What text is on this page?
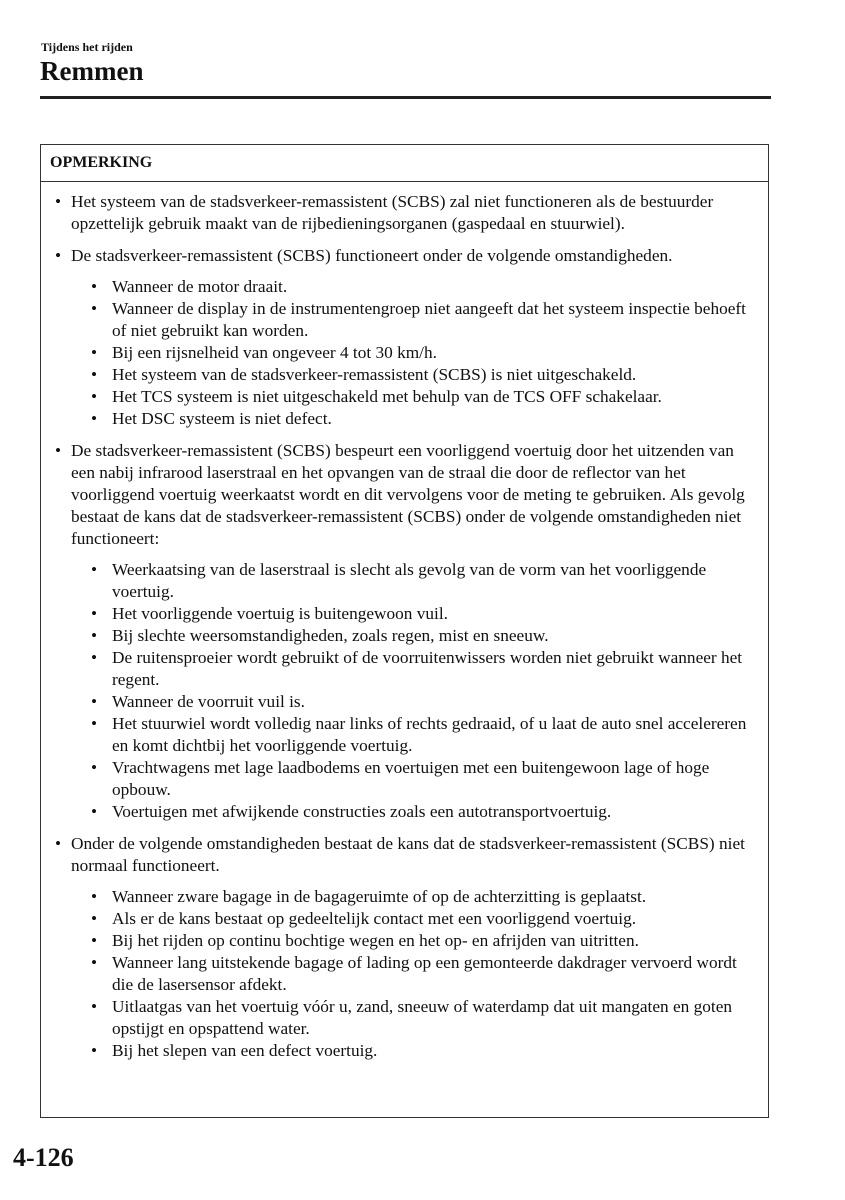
Tijdens het rijden
Remmen
OPMERKING
• Het systeem van de stadsverkeer-remassistent (SCBS) zal niet functioneren als de bestuurder opzettelijk gebruik maakt van de rijbedieningsorganen (gaspedaal en stuurwiel).
• De stadsverkeer-remassistent (SCBS) functioneert onder de volgende omstandigheden.
• Wanneer de motor draait.
• Wanneer de display in de instrumentengroep niet aangeeft dat het systeem inspectie behoeft of niet gebruikt kan worden.
• Bij een rijsnelheid van ongeveer 4 tot 30 km/h.
• Het systeem van de stadsverkeer-remassistent (SCBS) is niet uitgeschakeld.
• Het TCS systeem is niet uitgeschakeld met behulp van de TCS OFF schakelaar.
• Het DSC systeem is niet defect.
• De stadsverkeer-remassistent (SCBS) bespeurt een voorliggend voertuig door het uitzenden van een nabij infrarood laserstraal en het opvangen van de straal die door de reflector van het voorliggend voertuig weerkaatst wordt en dit vervolgens voor de meting te gebruiken. Als gevolg bestaat de kans dat de stadsverkeer-remassistent (SCBS) onder de volgende omstandigheden niet functioneert:
• Weerkaatsing van de laserstraal is slecht als gevolg van de vorm van het voorliggende voertuig.
• Het voorliggende voertuig is buitengewoon vuil.
• Bij slechte weersomstandigheden, zoals regen, mist en sneeuw.
• De ruitensproeier wordt gebruikt of de voorruitenwissers worden niet gebruikt wanneer het regent.
• Wanneer de voorruit vuil is.
• Het stuurwiel wordt volledig naar links of rechts gedraaid, of u laat de auto snel accelereren en komt dichtbij het voorliggende voertuig.
• Vrachtwagens met lage laadbodems en voertuigen met een buitengewoon lage of hoge opbouw.
• Voertuigen met afwijkende constructies zoals een autotransportvoertuig.
• Onder de volgende omstandigheden bestaat de kans dat de stadsverkeer-remassistent (SCBS) niet normaal functioneert.
• Wanneer zware bagage in de bagageruimte of op de achterzitting is geplaatst.
• Als er de kans bestaat op gedeeltelijk contact met een voorliggend voertuig.
• Bij het rijden op continu bochtige wegen en het op- en afrijden van uitritten.
• Wanneer lang uitstekende bagage of lading op een gemonteerde dakdrager vervoerd wordt die de lasersensor afdekt.
• Uitlaatgas van het voertuig vóór u, zand, sneeuw of waterdamp dat uit mangaten en goten opstijgt en opspattend water.
• Bij het slepen van een defect voertuig.
4-126
